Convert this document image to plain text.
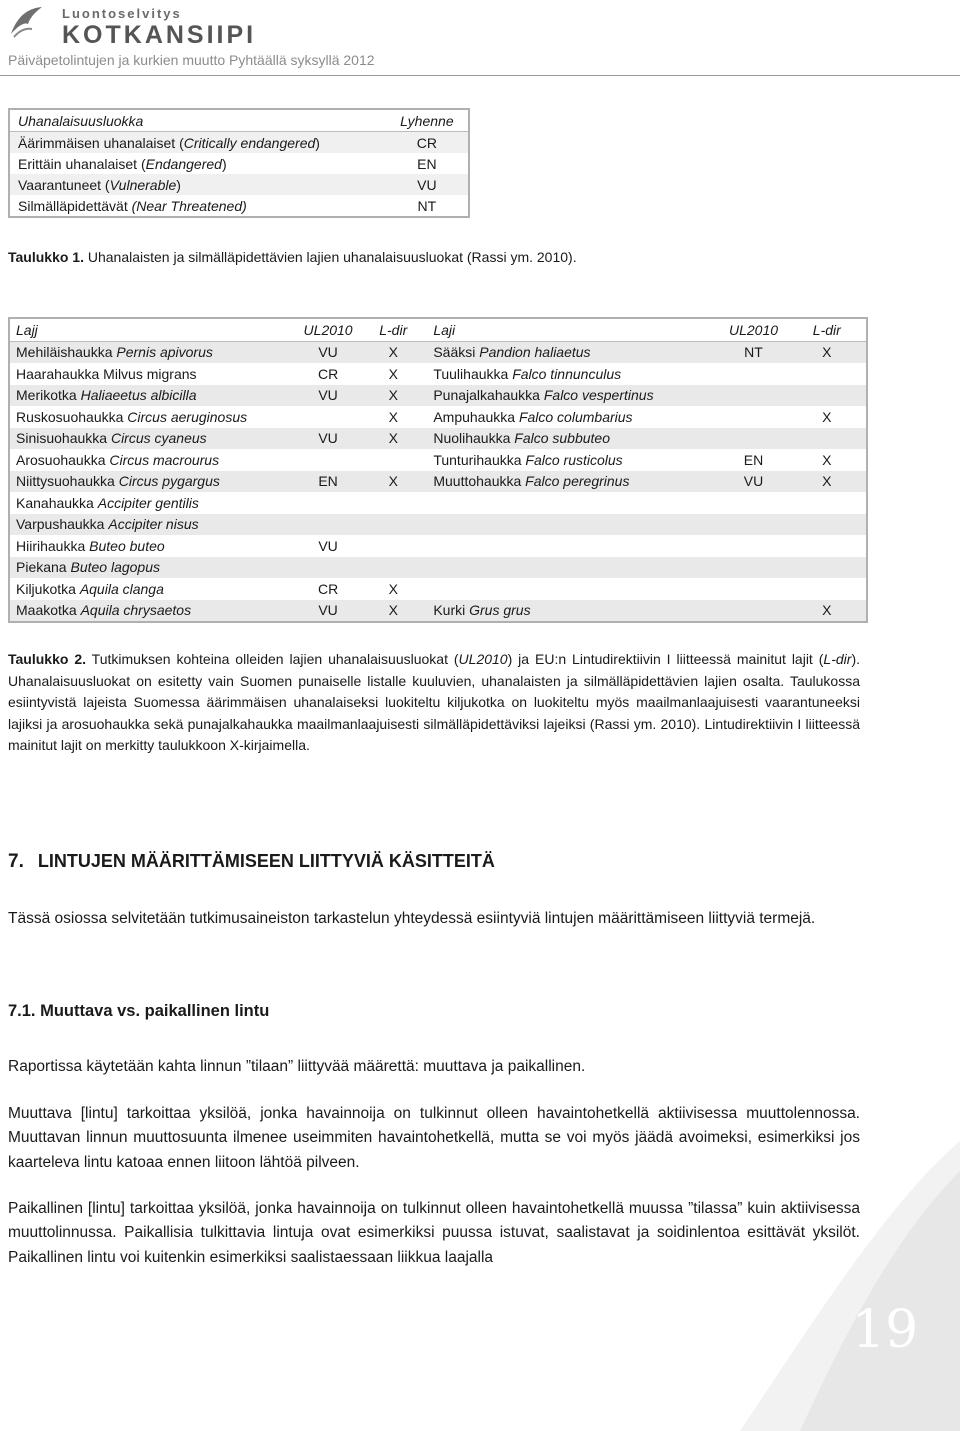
Luontoselvitys
KOTKANSIIPI
Päiväpetolintujen ja kurkien muutto Pyhtäällä syksyllä 2012
Uhanalaisuusluokka	Lyhenne
Äärimmäisen uhanalaiset (Critically endangered)	CR
Erittäin uhanalaiset (Endangered)	EN
Vaarantuneet (Vulnerable)	VU
Silmälläpidettävät (Near Threatened)	NT
Taulukko 1. Uhanalaisten ja silmälläpidettävien lajien uhanalaisuusluokat (Rassi ym. 2010).
Lajj	UL2010	L-dir	Laji	UL2010	L-dir
Mehiläishaukka Pernis apivorus	VU	X	Sääksi Pandion haliaetus	NT	X
Haarahaukka Milvus migrans	CR	X	Tuulihaukka Falco tinnunculus		
Merikotka Haliaeetus albicilla	VU	X	Punajalkahaukka Falco vespertinus		
Ruskosuohaukka Circus aeruginosus		X	Ampuhaukka Falco columbarius		X
Sinisuohaukka Circus cyaneus	VU	X	Nuolihaukka Falco subbuteo		
Arosuohaukka Circus macrourus			Tunturihaukka Falco rusticolus	EN	X
Niittysuohaukka Circus pygargus	EN	X	Muuttohaukka Falco peregrinus	VU	X
Kanahaukka Accipiter gentilis					
Varpushaukka Accipiter nisus					
Hiirihaukka Buteo buteo	VU				
Piekana Buteo lagopus					
Kiljukotka Aquila clanga	CR	X			
Maakotka Aquila chrysaetos	VU	X	Kurki Grus grus		X
Taulukko 2. Tutkimuksen kohteina olleiden lajien uhanalaisuusluokat (UL2010) ja EU:n Lintudirektiivin I liitteessä mainitut lajit (L-dir). Uhanalaisuusluokat on esitetty vain Suomen punaiselle listalle kuuluvien, uhanalaisten ja silmälläpidettävien lajien osalta. Taulukossa esiintyvistä lajeista Suomessa äärimmäisen uhanalaiseksi luokiteltu kiljukotka on luokiteltu myös maailmanlaajuisesti vaarantuneeksi lajiksi ja arosuohaukka sekä punajalkahaukka maailmanlaajuisesti silmälläpidettäviksi lajeiksi (Rassi ym. 2010). Lintudirektiivin I liitteessä mainitut lajit on merkitty taulukkoon X-kirjaimella.
7. LINTUJEN MÄÄRITTÄMISEEN LIITTYVIÄ KÄSITTEITÄ
Tässä osiossa selvitetään tutkimusaineiston tarkastelun yhteydessä esiintyviä lintujen määrittämiseen liittyviä termejä.
7.1. Muuttava vs. paikallinen lintu
Raportissa käytetään kahta linnun ”tilaan” liittyvää määrettä: muuttava ja paikallinen.
Muuttava [lintu] tarkoittaa yksilöä, jonka havainnoija on tulkinnut olleen havaintohetkellä aktiivisessa muuttolennossa. Muuttavan linnun muuttosuunta ilmenee useimmiten havaintohetkellä, mutta se voi myös jäädä avoimeksi, esimerkiksi jos kaarteleva lintu katoaa ennen liitoon lähtöä pilveen.
Paikallinen [lintu] tarkoittaa yksilöä, jonka havainnoija on tulkinnut olleen havaintohetkellä muussa ”tilassa” kuin aktiivisessa muuttolinnussa. Paikallisia tulkittavia lintuja ovat esimerkiksi puussa istuvat, saalistavat ja soidinlentoa esittävät yksilöt. Paikallinen lintu voi kuitenkin esimerkiksi saalistaessaan liikkua laajalla
19
